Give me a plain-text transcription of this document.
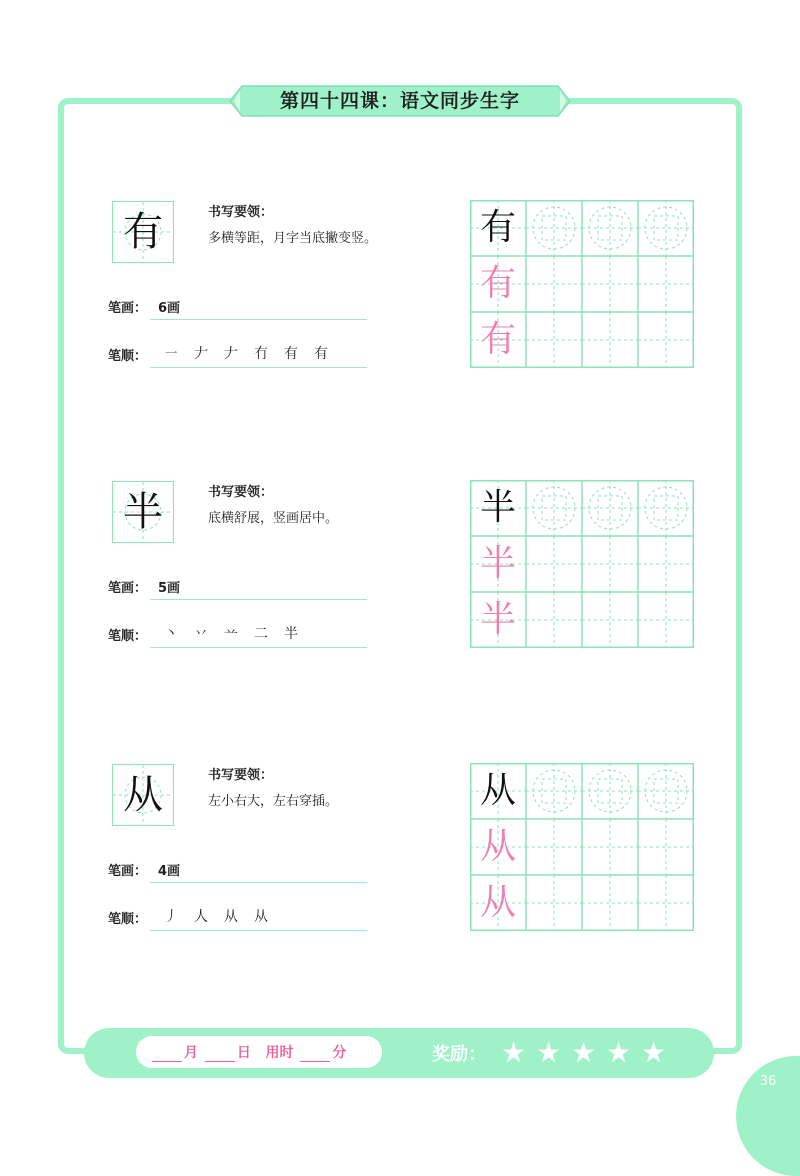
第四十四课：语文同步生字
有	书写要领：
多横等距，月字当底撇变竖。
笔画： 6画
笔顺：	㇐ 𠂇 𠂇 冇 有 有
有
有
有
半	书写要领：
底横舒展，竖画居中。
笔画： 5画
笔顺：	丶 丷 䒑 二 半
半
半
半
从	书写要领：
左小右大，左右穿插。
笔画： 4画
笔顺：	丿 人 从 从
从
从
从
月	日 用时	分	奖励： ★ ★ ★ ★ ★
36
